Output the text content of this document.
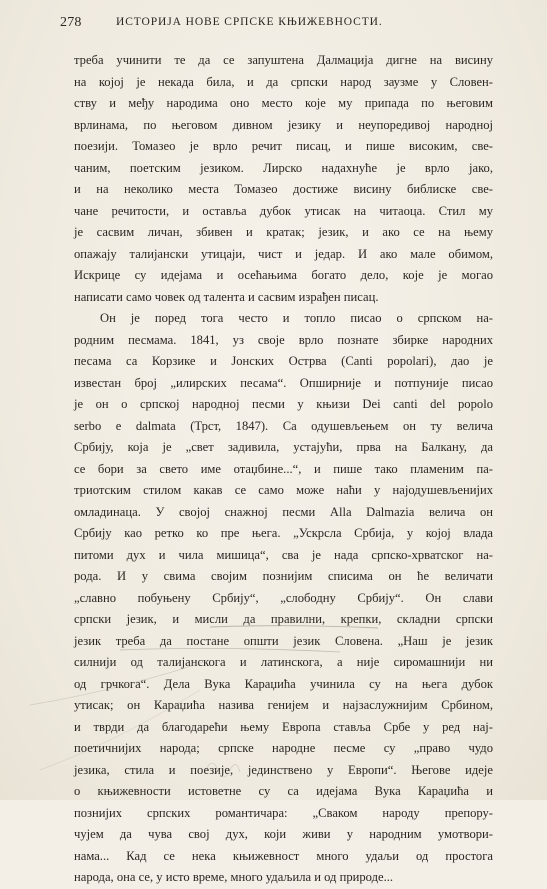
278	ИСТОРИЈА НОВЕ СРПСКЕ КЊИЖЕВНОСТИ.
треба учинити те да се запуштена Далмација дигне на висину
на којој је некада била, и да српски народ заузме у Словен-
ству и међу народима оно место које му припада по његовим
врлинама, по његовом дивном језику и неупоредивој народној
поезији. Томазео је врло речит писац, и пише високим, све-
чаним, поетским језиком. Лирско надахнуће је врло јако,
и на неколико места Томазео достиже висину библиске све-
чане речитости, и оставља дубок утисак на читаоца. Стил му
је сасвим личан, збивен и кратак; језик, и ако се на њему
опажају талијански утицаји, чист и једар. И ако мале обимом,
Искрице су идејама и осећањима богато дело, које је могао
написати само човек од талента и сасвим израђен писац.
Он је поред тога често и топло писао о српском на-
родним песмама. 1841, уз своје врло познате збирке народних
песама са Корзике и Јонских Острва (Canti popolari), дао је
известан број „илирских песама“. Опширније и потпуније писао
је он о српској народној песми у књизи Dei canti del popolo
serbo e dalmata (Трст, 1847). Са одушевљењем он ту велича
Србију, која је „свет задивила, устајући, прва на Балкану, да
се бори за свето име отаџбине...“, и пише тако пламеним па-
триотским стилом какав се само може наћи у најодушевљенијих
омладинаца. У својој снажној песми Alla Dalmazia велича он
Србију као ретко ко пре њега. „Ускрсла Србија, у којој влада
питоми дух и чила мишица“, сва је нада српско-хрватског на-
рода. И у свима својим познијим списима он ће величати
„славно побуњену Србију“, „слободну Србију“. Он слави
српски језик, и мисли да правилни, крепки, складни српски
језик треба да постане општи језик Словена. „Наш је језик
силнији од талијанскога и латинскога, а није сиромашнији ни
од грчкога“. Дела Вука Караџића учинила су на њега дубок
утисак; он Караџића назива генијем и најзаслужнијим Србином,
и тврди да благодарећи њему Европа ставља Србе у ред нај-
поетичнијих народа; српске народне песме су „право чудо
језика, стила и поезије, јединствено у Европи“. Његове идеје
о књижевности истоветне су са идејама Вука Караџића и
познијих српских романтичара: „Сваком народу препору-
чујем да чува свој дух, који живи у народним умотвори-
нама... Кад се нека књижевност много удаљи од простога
народа, она се, у исто време, много удаљила и од природе...
